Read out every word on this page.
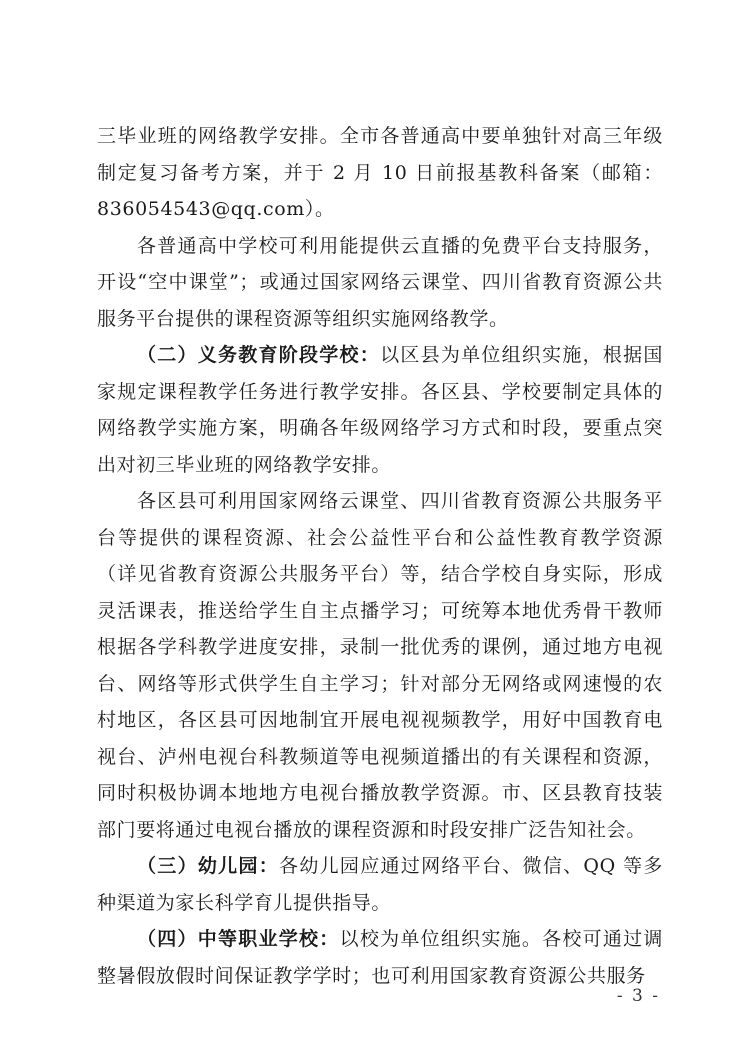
三毕业班的网络教学安排。全市各普通高中要单独针对高三年级制定复习备考方案，并于 2 月 10 日前报基教科备案（邮箱：836054543@qq.com）。

各普通高中学校可利用能提供云直播的免费平台支持服务，开设“空中课堂”；或通过国家网络云课堂、四川省教育资源公共服务平台提供的课程资源等组织实施网络教学。

（二）义务教育阶段学校：以区县为单位组织实施，根据国家规定课程教学任务进行教学安排。各区县、学校要制定具体的网络教学实施方案，明确各年级网络学习方式和时段，要重点突出对初三毕业班的网络教学安排。

各区县可利用国家网络云课堂、四川省教育资源公共服务平台等提供的课程资源、社会公益性平台和公益性教育教学资源（详见省教育资源公共服务平台）等，结合学校自身实际，形成灵活课表，推送给学生自主点播学习；可统筹本地优秀骨干教师根据各学科教学进度安排，录制一批优秀的课例，通过地方电视台、网络等形式供学生自主学习；针对部分无网络或网速慢的农村地区，各区县可因地制宜开展电视视频教学，用好中国教育电视台、泸州电视台科教频道等电视频道播出的有关课程和资源，同时积极协调本地地方电视台播放教学资源。市、区县教育技装部门要将通过电视台播放的课程资源和时段安排广泛告知社会。

（三）幼儿园：各幼儿园应通过网络平台、微信、QQ 等多种渠道为家长科学育儿提供指导。

（四）中等职业学校：以校为单位组织实施。各校可通过调整暑假放假时间保证教学学时；也可利用国家教育资源公共服务

- 3 -
